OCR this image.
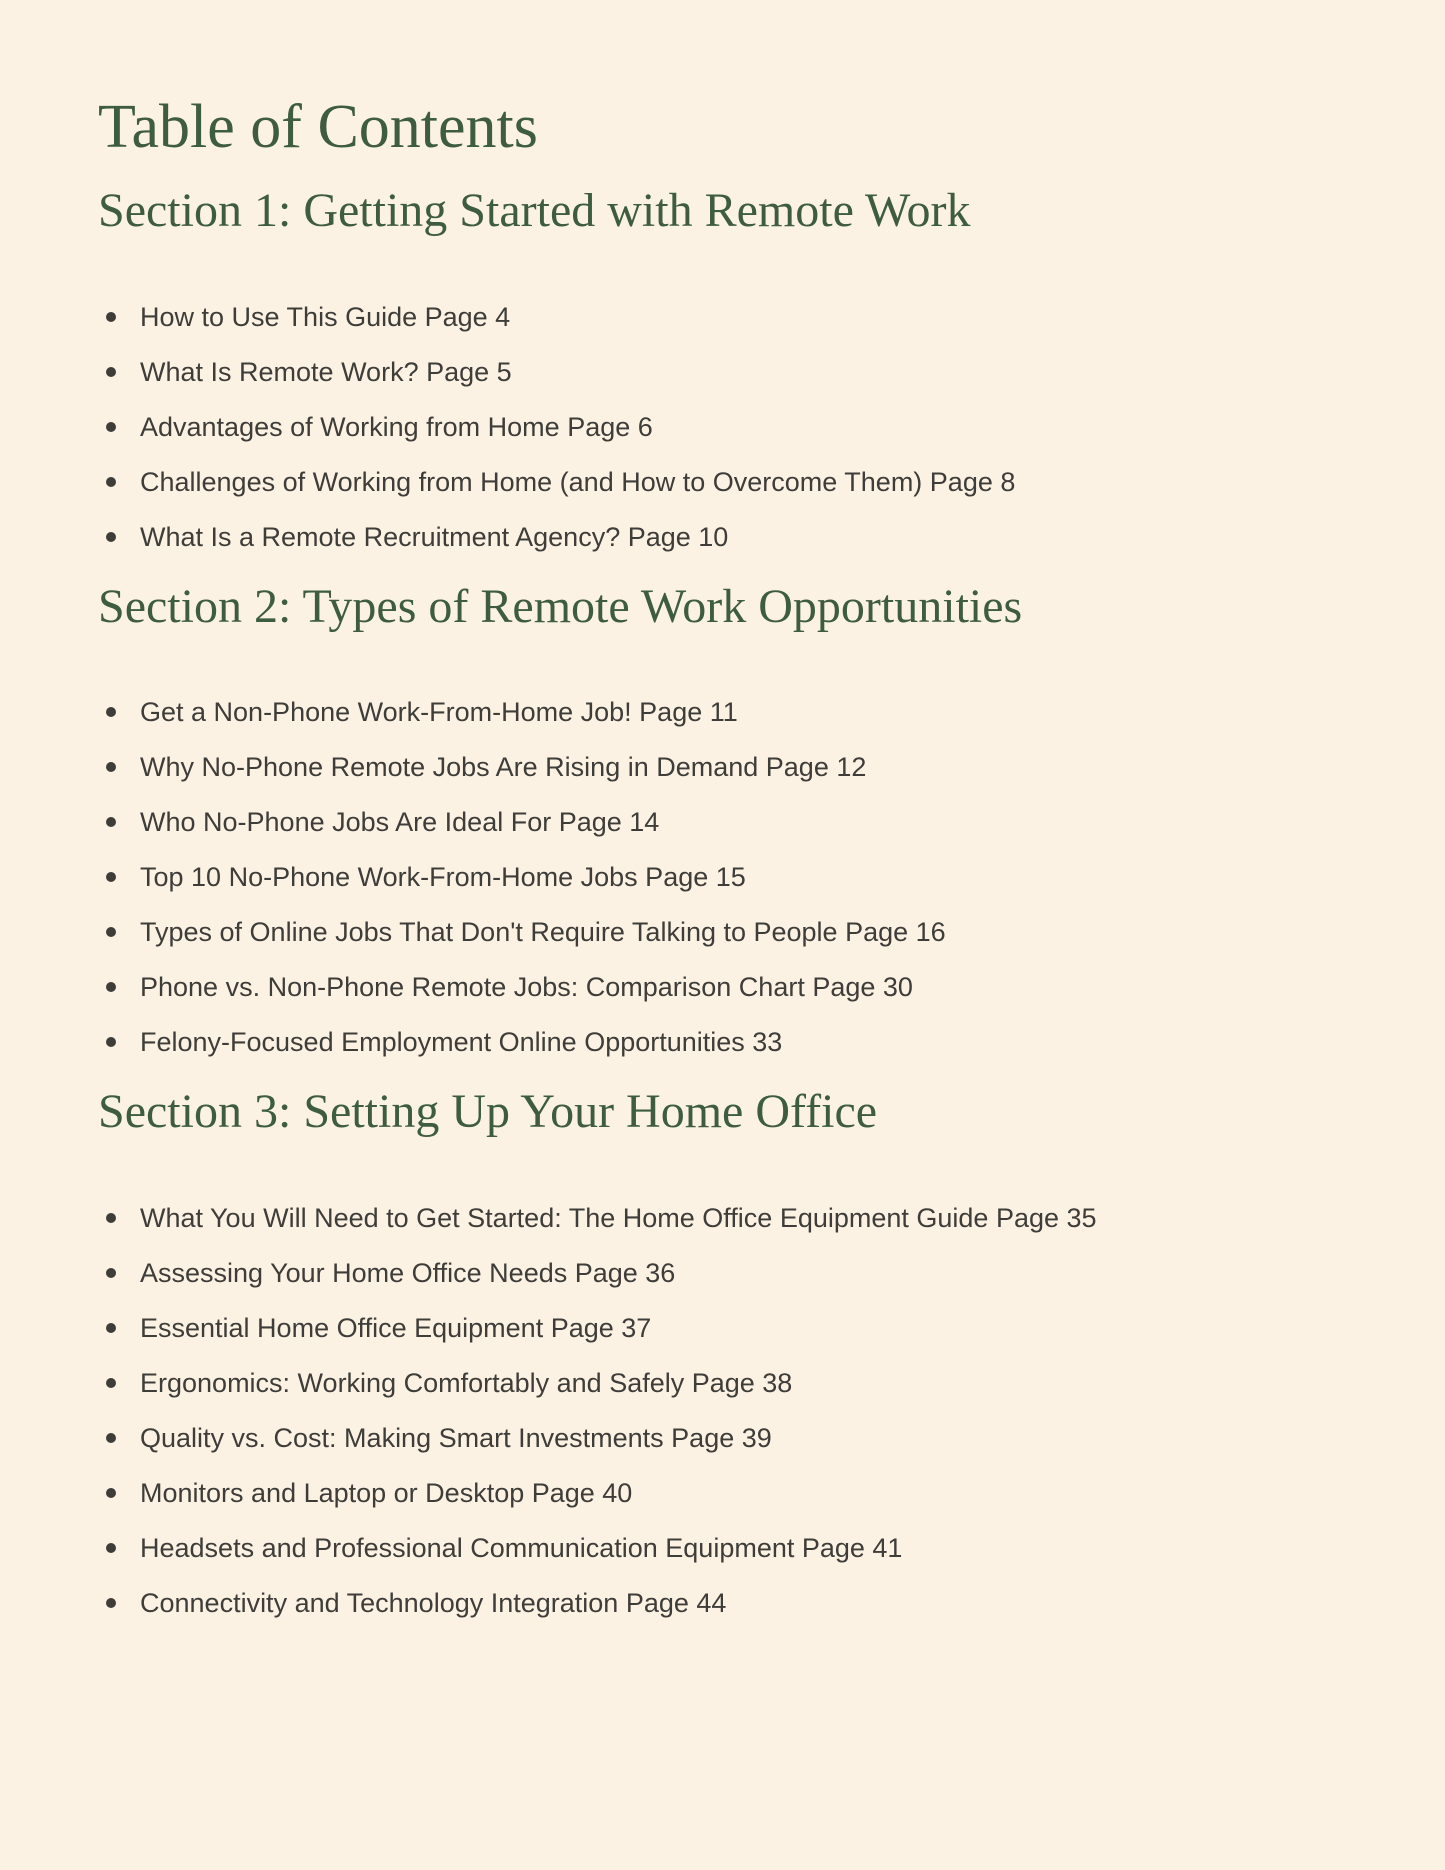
Table of Contents
Section 1: Getting Started with Remote Work
How to Use This Guide Page 4
What Is Remote Work? Page 5
Advantages of Working from Home Page 6
Challenges of Working from Home (and How to Overcome Them) Page 8
What Is a Remote Recruitment Agency? Page 10
Section 2: Types of Remote Work Opportunities
Get a Non-Phone Work-From-Home Job! Page 11
Why No-Phone Remote Jobs Are Rising in Demand Page 12
Who No-Phone Jobs Are Ideal For Page 14
Top 10 No-Phone Work-From-Home Jobs Page 15
Types of Online Jobs That Don't Require Talking to People Page 16
Phone vs. Non-Phone Remote Jobs: Comparison Chart Page 30
Felony-Focused Employment Online Opportunities 33
Section 3: Setting Up Your Home Office
What You Will Need to Get Started: The Home Office Equipment Guide Page 35
Assessing Your Home Office Needs Page 36
Essential Home Office Equipment Page 37
Ergonomics: Working Comfortably and Safely Page 38
Quality vs. Cost: Making Smart Investments Page 39
Monitors and Laptop or Desktop Page 40
Headsets and Professional Communication Equipment Page 41
Connectivity and Technology Integration Page 44
